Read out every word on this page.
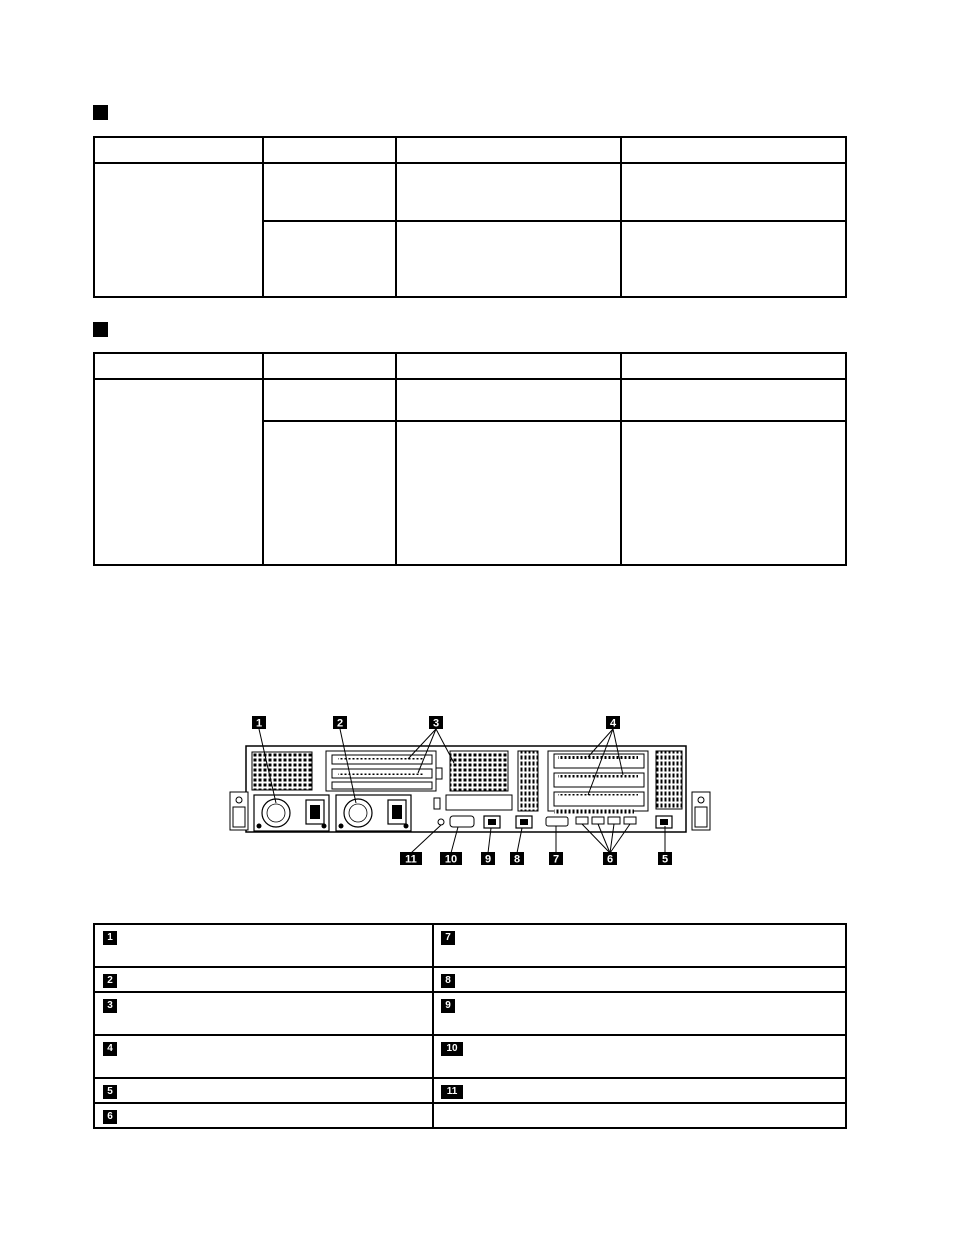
1	2	3	4
5
6
7
8
9
10
11
1	7

2	8

3	9

4	10

5	11

6	
